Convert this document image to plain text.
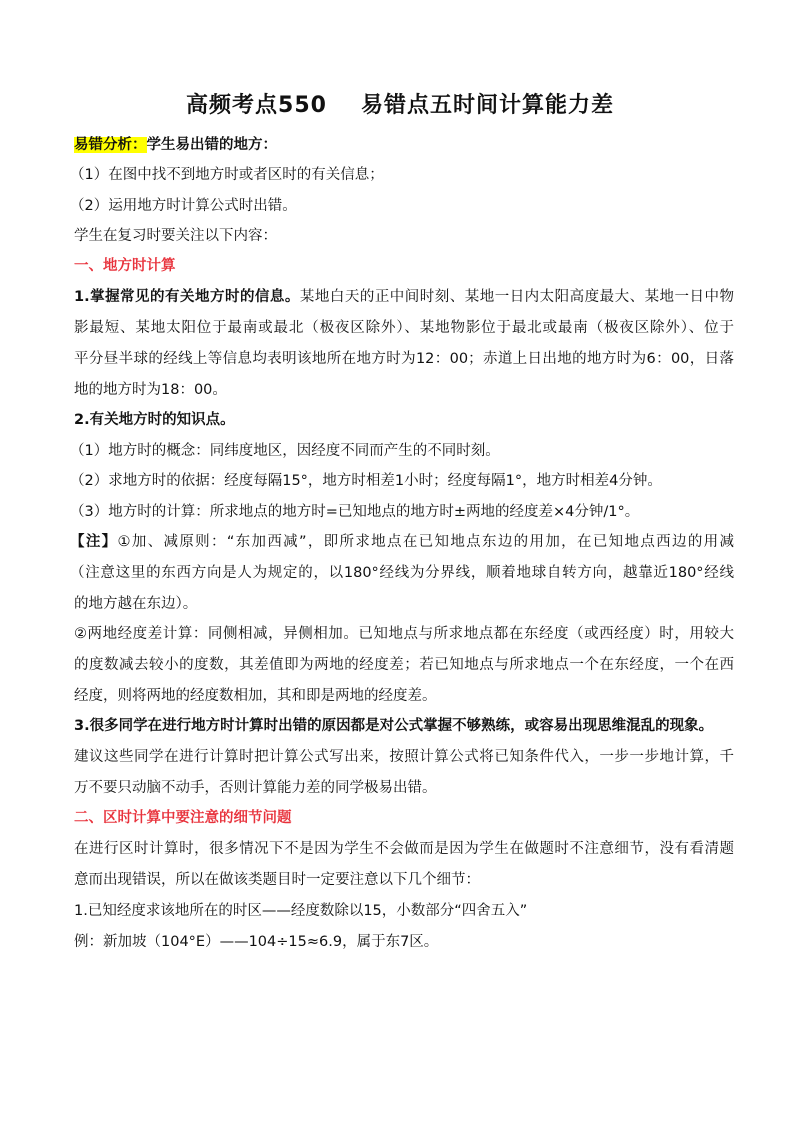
高频考点550 易错点五时间计算能力差
易错分析：学生易出错的地方：
（1）在图中找不到地方时或者区时的有关信息；
（2）运用地方时计算公式时出错。
学生在复习时要关注以下内容：
一、地方时计算
1.掌握常见的有关地方时的信息。某地白天的正中间时刻、某地一日内太阳高度最大、某地一日中物
影最短、某地太阳位于最南或最北（极夜区除外）、某地物影位于最北或最南（极夜区除外）、位于
平分昼半球的经线上等信息均表明该地所在地方时为12：00；赤道上日出地的地方时为6：00，日落
地的地方时为18：00。
2.有关地方时的知识点。
（1）地方时的概念：同纬度地区，因经度不同而产生的不同时刻。
（2）求地方时的依据：经度每隔15°，地方时相差1小时；经度每隔1°，地方时相差4分钟。
（3）地方时的计算：所求地点的地方时=已知地点的地方时±两地的经度差×4分钟/1°。
【注】①加、减原则：“东加西减”，即所求地点在已知地点东边的用加，在已知地点西边的用减
（注意这里的东西方向是人为规定的，以180°经线为分界线，顺着地球自转方向，越靠近180°经线
的地方越在东边）。
②两地经度差计算：同侧相减，异侧相加。已知地点与所求地点都在东经度（或西经度）时，用较大
的度数减去较小的度数，其差值即为两地的经度差；若已知地点与所求地点一个在东经度，一个在西
经度，则将两地的经度数相加，其和即是两地的经度差。
3.很多同学在进行地方时计算时出错的原因都是对公式掌握不够熟练，或容易出现思维混乱的现象。
建议这些同学在进行计算时把计算公式写出来，按照计算公式将已知条件代入，一步一步地计算，千
万不要只动脑不动手，否则计算能力差的同学极易出错。
二、区时计算中要注意的细节问题
在进行区时计算时，很多情况下不是因为学生不会做而是因为学生在做题时不注意细节，没有看清题
意而出现错误，所以在做该类题目时一定要注意以下几个细节：
1.已知经度求该地所在的时区——经度数除以15，小数部分“四舍五入”
例：新加坡（104°E）——104÷15≈6.9，属于东7区。
